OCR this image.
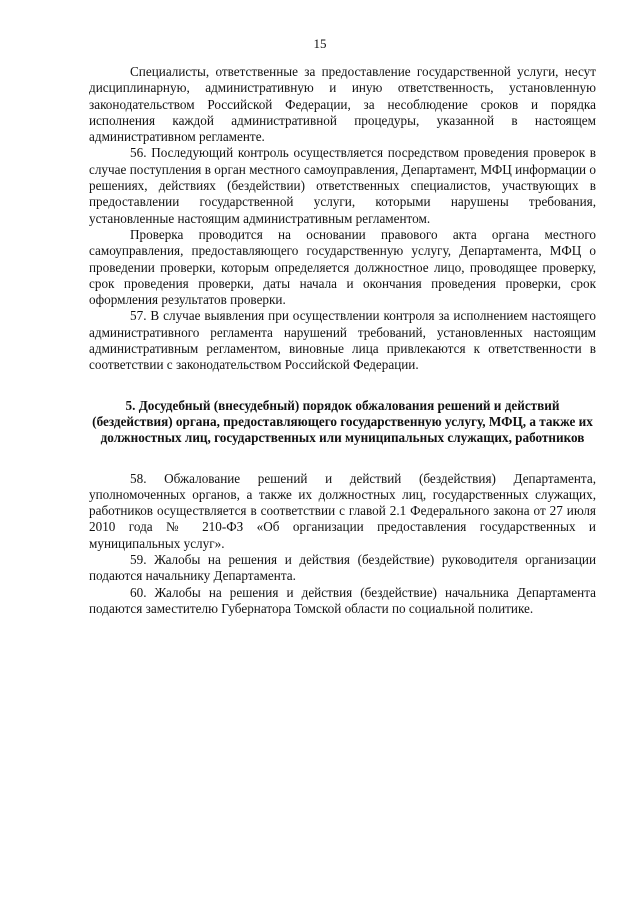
15

Специалисты, ответственные за предоставление государственной услуги, несут дисциплинарную, административную и иную ответственность, установленную законодательством Российской Федерации, за несоблюдение сроков и порядка исполнения каждой административной процедуры, указанной в настоящем административном регламенте.

56. Последующий контроль осуществляется посредством проведения проверок в случае поступления в орган местного самоуправления, Департамент, МФЦ информации о решениях, действиях (бездействии) ответственных специалистов, участвующих в предоставлении государственной услуги, которыми нарушены требования, установленные настоящим административным регламентом.

Проверка проводится на основании правового акта органа местного самоуправления, предоставляющего государственную услугу, Департамента, МФЦ о проведении проверки, которым определяется должностное лицо, проводящее проверку, срок проведения проверки, даты начала и окончания проведения проверки, срок оформления результатов проверки.

57. В случае выявления при осуществлении контроля за исполнением настоящего административного регламента нарушений требований, установленных настоящим административным регламентом, виновные лица привлекаются к ответственности в соответствии с законодательством Российской Федерации.

5. Досудебный (внесудебный) порядок обжалования решений и действий (бездействия) органа, предоставляющего государственную услугу, МФЦ, а также их должностных лиц, государственных или муниципальных служащих, работников

58. Обжалование решений и действий (бездействия) Департамента, уполномоченных органов, а также их должностных лиц, государственных служащих, работников осуществляется в соответствии с главой 2.1 Федерального закона от 27 июля 2010 года № 210-ФЗ «Об организации предоставления государственных и муниципальных услуг».

59. Жалобы на решения и действия (бездействие) руководителя организации подаются начальнику Департамента.

60. Жалобы на решения и действия (бездействие) начальника Департамента подаются заместителю Губернатора Томской области по социальной политике.
